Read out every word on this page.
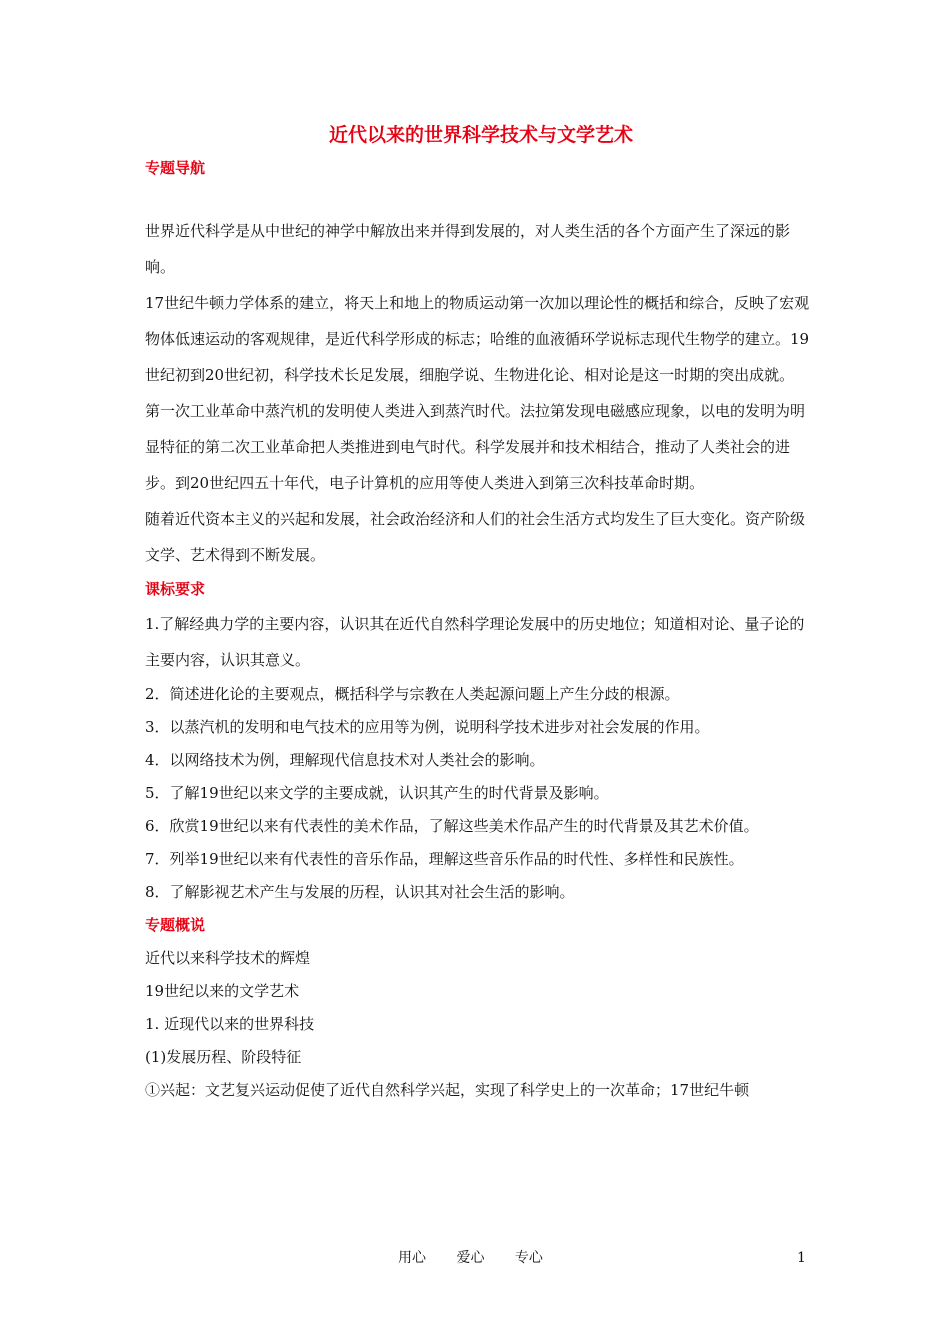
近代以来的世界科学技术与文学艺术
专题导航

世界近代科学是从中世纪的神学中解放出来并得到发展的，对人类生活的各个方面产生了深远的影响。

17世纪牛顿力学体系的建立，将天上和地上的物质运动第一次加以理论性的概括和综合，反映了宏观物体低速运动的客观规律，是近代科学形成的标志；哈维的血液循环学说标志现代生物学的建立。19世纪初到20世纪初，科学技术长足发展，细胞学说、生物进化论、相对论是这一时期的突出成就。

第一次工业革命中蒸汽机的发明使人类进入到蒸汽时代。法拉第发现电磁感应现象，以电的发明为明显特征的第二次工业革命把人类推进到电气时代。科学发展并和技术相结合，推动了人类社会的进步。到20世纪四五十年代，电子计算机的应用等使人类进入到第三次科技革命时期。

随着近代资本主义的兴起和发展，社会政治经济和人们的社会生活方式均发生了巨大变化。资产阶级文学、艺术得到不断发展。

课标要求

1.了解经典力学的主要内容，认识其在近代自然科学理论发展中的历史地位；知道相对论、量子论的主要内容，认识其意义。

2．简述进化论的主要观点，概括科学与宗教在人类起源问题上产生分歧的根源。
3．以蒸汽机的发明和电气技术的应用等为例，说明科学技术进步对社会发展的作用。
4．以网络技术为例，理解现代信息技术对人类社会的影响。
5．了解19世纪以来文学的主要成就，认识其产生的时代背景及影响。
6．欣赏19世纪以来有代表性的美术作品，了解这些美术作品产生的时代背景及其艺术价值。
7．列举19世纪以来有代表性的音乐作品，理解这些音乐作品的时代性、多样性和民族性。
8．了解影视艺术产生与发展的历程，认识其对社会生活的影响。
专题概说
近代以来科学技术的辉煌
19世纪以来的文学艺术
1. 近现代以来的世界科技
(1)发展历程、阶段特征
①兴起：文艺复兴运动促使了近代自然科学兴起，实现了科学史上的一次革命；17世纪牛顿
用心 爱心 专心	1
